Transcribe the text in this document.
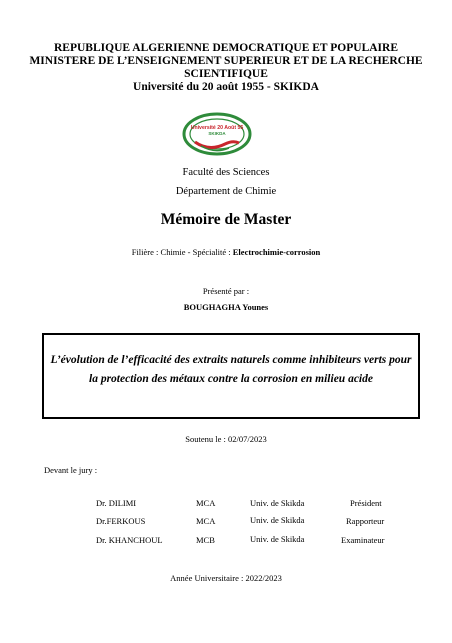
REPUBLIQUE ALGERIENNE DEMOCRATIQUE ET POPULAIRE
MINISTERE DE L’ENSEIGNEMENT SUPERIEUR ET DE LA RECHERCHE
SCIENTIFIQUE
Université du 20 août 1955 - SKIKDA
Université 20 Août 55
SKIKDA
Faculté des Sciences
Département de Chimie
Mémoire de Master
Filière : Chimie - Spécialité : Electrochimie-corrosion
Présenté par :
BOUGHAGHA Younes
L’évolution de l’efficacité des extraits naturels comme inhibiteurs verts pour la protection des métaux contre la corrosion en milieu acide
Soutenu le : 02/07/2023
Devant le jury :
Dr. DILIMI	MCA	Univ. de Skikda	Président
Dr.FERKOUS	MCA	Univ. de Skikda	Rapporteur
Dr. KHANCHOUL	MCB	Univ. de Skikda	Examinateur
Année Universitaire : 2022/2023
